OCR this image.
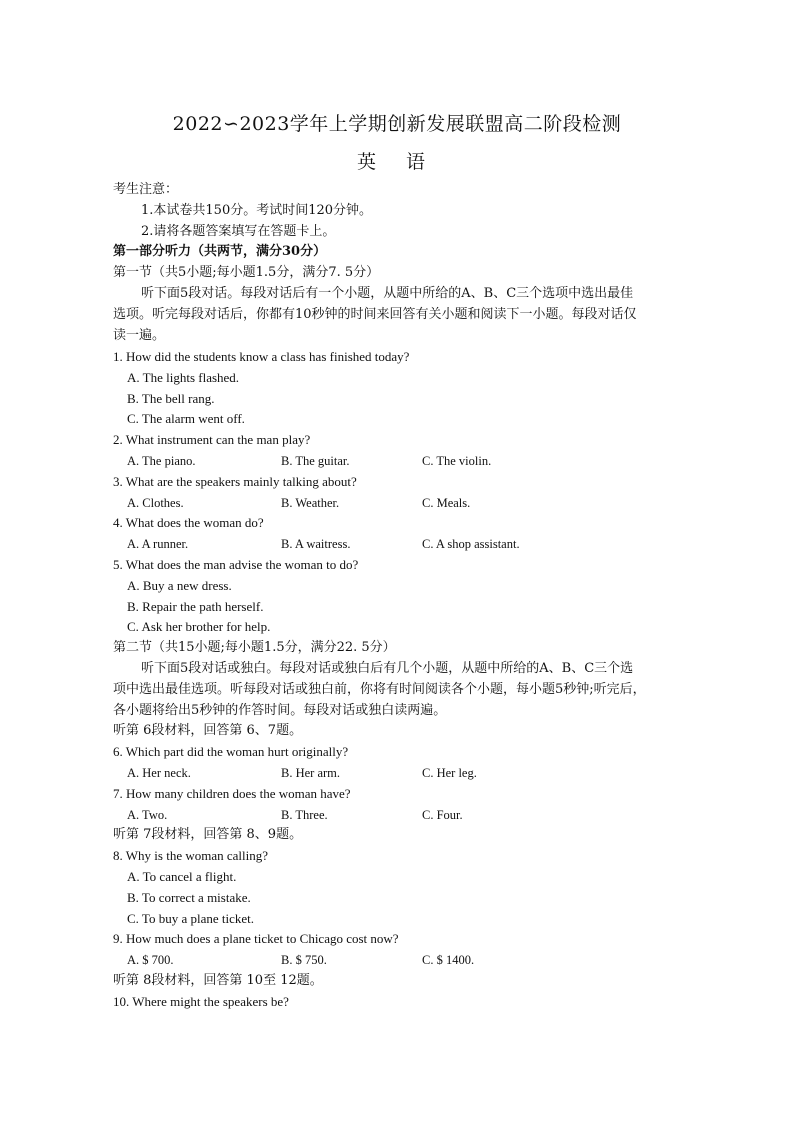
2022∽2023学年上学期创新发展联盟高二阶段检测
英 语
考生注意：
1.本试卷共150分。考试时间120分钟。
2.请将各题答案填写在答题卡上。
第一部分听力（共两节，满分30分）
第一节（共5小题;每小题1.5分，满分7. 5分）
听下面5段对话。每段对话后有一个小题，从题中所给的A、B、C三个选项中选出最佳
选项。听完每段对话后，你都有10秒钟的时间来回答有关小题和阅读下一小题。每段对话仅
读一遍。
1. How did the students know a class has finished today?
A. The lights flashed.
B. The bell rang.
C. The alarm went off.
2. What instrument can the man play?
A. The piano.	B. The guitar.	C. The violin.
3. What are the speakers mainly talking about?
A. Clothes.	B. Weather.	C. Meals.
4. What does the woman do?
A. A runner.	B. A waitress.	C. A shop assistant.
5. What does the man advise the woman to do?
A. Buy a new dress.
B. Repair the path herself.
C. Ask her brother for help.
第二节（共15小题;每小题1.5分，满分22. 5分）
听下面5段对话或独白。每段对话或独白后有几个小题，从题中所给的A、B、C三个选
项中选出最佳选项。听每段对话或独白前，你将有时间阅读各个小题，每小题5秒钟;听完后，
各小题将给出5秒钟的作答时间。每段对话或独白读两遍。
听第 6段材料，回答第 6、7题。
6. Which part did the woman hurt originally?
A. Her neck.	B. Her arm.	C. Her leg.
7. How many children does the woman have?
A. Two.	B. Three.	C. Four.
听第 7段材料，回答第 8、9题。
8. Why is the woman calling?
A. To cancel a flight.
B. To correct a mistake.
C. To buy a plane ticket.
9. How much does a plane ticket to Chicago cost now?
A. $ 700.	B. $ 750.	C. $ 1400.
听第 8段材料，回答第 10至 12题。
10. Where might the speakers be?
